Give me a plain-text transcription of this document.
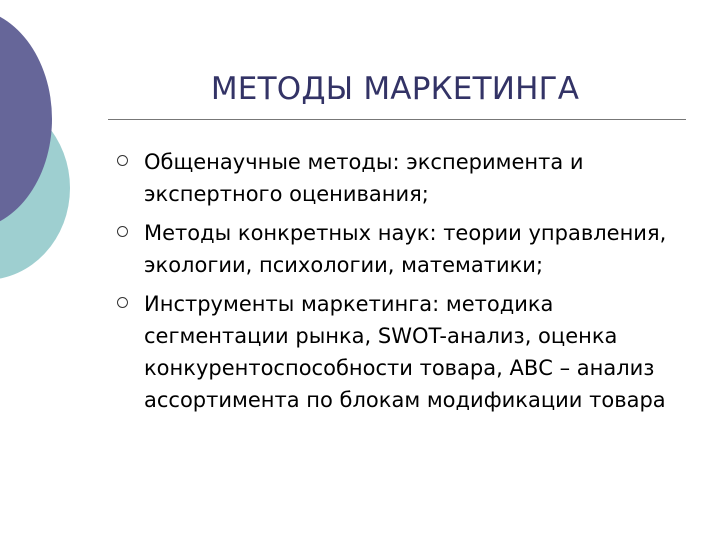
МЕТОДЫ МАРКЕТИНГА
Общенаучные методы: эксперимента и экспертного оценивания;
Методы конкретных наук: теории управления, экологии, психологии, математики;
Инструменты маркетинга: методика сегментации рынка, SWOT-анализ, оценка конкурентоспособности товара, АВС – анализ ассортимента по блокам модификации товара
